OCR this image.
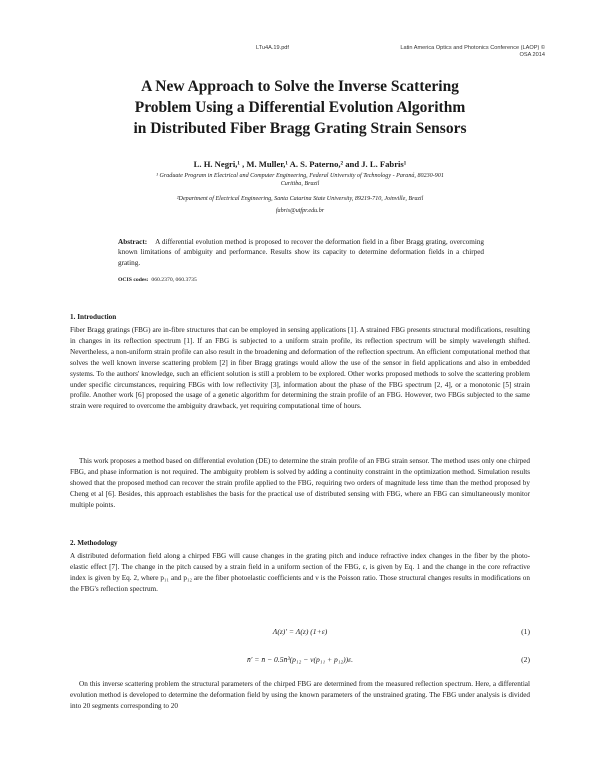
LTu4A.19.pdf	Latin America Optics and Photonics Conference (LAOP) ©
OSA 2014
A New Approach to Solve the Inverse Scattering
Problem Using a Differential Evolution Algorithm
in Distributed Fiber Bragg Grating Strain Sensors
L. H. Negri,¹ , M. Muller,¹ A. S. Paterno,² and J. L. Fabris¹
¹ Graduate Program in Electrical and Computer Engineering, Federal University of Technology - Paraná, 80230-901
Curitiba, Brazil
²Department of Electrical Engineering, Santa Catarina State University, 89219-710, Joinville, Brazil
fabris@utfpr.edu.br
Abstract: A differential evolution method is proposed to recover the deformation field in a fiber Bragg grating, overcoming known limitations of ambiguity and performance. Results show its capacity to determine deformation fields in a chirped grating.
OCIS codes: 060.2370, 060.3735
1. Introduction
Fiber Bragg gratings (FBG) are in-fibre structures that can be employed in sensing applications [1]. A strained FBG presents structural modifications, resulting in changes in its reflection spectrum [1]. If an FBG is subjected to a uniform strain profile, its reflection spectrum will be simply wavelength shifted. Nevertheless, a non-uniform strain profile can also result in the broadening and deformation of the reflection spectrum. An efficient computational method that solves the well known inverse scattering problem [2] in fiber Bragg gratings would allow the use of the sensor in field applications and also in embedded systems. To the authors' knowledge, such an efficient solution is still a problem to be explored. Other works proposed methods to solve the scattering problem under specific circumstances, requiring FBGs with low reflectivity [3], information about the phase of the FBG spectrum [2, 4], or a monotonic [5] strain profile. Another work [6] proposed the usage of a genetic algorithm for determining the strain profile of an FBG. However, two FBGs subjected to the same strain were required to overcome the ambiguity drawback, yet requiring computational time of hours.
This work proposes a method based on differential evolution (DE) to determine the strain profile of an FBG strain sensor. The method uses only one chirped FBG, and phase information is not required. The ambiguity problem is solved by adding a continuity constraint in the optimization method. Simulation results showed that the proposed method can recover the strain profile applied to the FBG, requiring two orders of magnitude less time than the method proposed by Cheng et al [6]. Besides, this approach establishes the basis for the practical use of distributed sensing with FBG, where an FBG can simultaneously monitor multiple points.
2. Methodology
A distributed deformation field along a chirped FBG will cause changes in the grating pitch and induce refractive index changes in the fiber by the photo-elastic effect [7]. The change in the pitch caused by a strain field in a uniform section of the FBG, ε, is given by Eq. 1 and the change in the core refractive index is given by Eq. 2, where p₁₁ and p₁₂ are the fiber photoelastic coefficients and ν is the Poisson ratio. Those structural changes results in modifications on the FBG's reflection spectrum.
Λ(z)′ = Λ(z) (1+ε)	(1)
n̄′ = n̄ − 0.5n̄³(p₁₂ − ν(p₁₁ + p₁₂))ε.	(2)
On this inverse scattering problem the structural parameters of the chirped FBG are determined from the measured reflection spectrum. Here, a differential evolution method is developed to determine the deformation field by using the known parameters of the unstrained grating. The FBG under analysis is divided into 20 segments corresponding to 20
